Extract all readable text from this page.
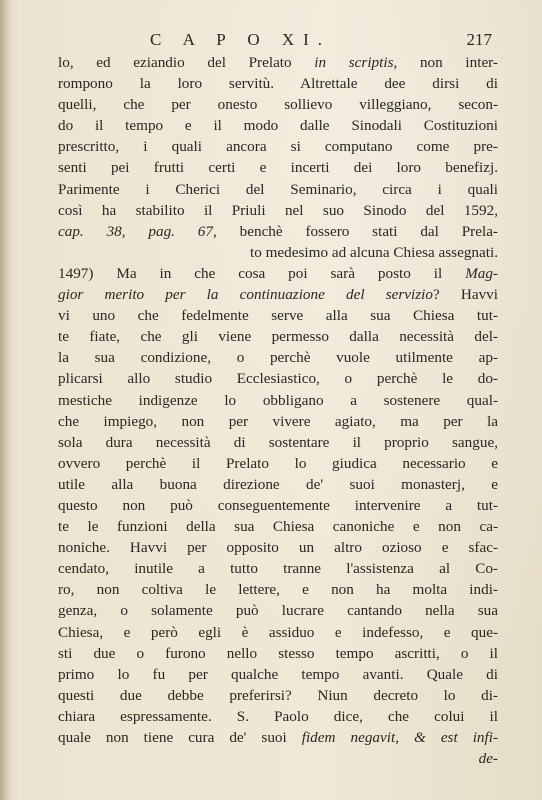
C A P O XI.	217
lo, ed eziandio del Prelato in scriptis, non inter-
rompono la loro servitù. Altrettale dee dirsi di
quelli, che per onesto sollievo villeggiano, secon-
do il tempo e il modo dalle Sinodali Costituzioni
prescritto, i quali ancora si computano come pre-
senti pei frutti certi e incerti dei loro benefizj.
Parimente i Cherici del Seminario, circa i quali
così ha stabilito il Priuli nel suo Sinodo del 1592,
cap. 38, pag. 67, benchè fossero stati dal Prela-
to medesimo ad alcuna Chiesa assegnati.
1497) Ma in che cosa poi sarà posto il Mag-
gior merito per la continuazione del servizio? Havvi
vi uno che fedelmente serve alla sua Chiesa tut-
te fiate, che gli viene permesso dalla necessità del-
la sua condizione, o perchè vuole utilmente ap-
plicarsi allo studio Ecclesiastico, o perchè le do-
mestiche indigenze lo obbligano a sostenere qual-
che impiego, non per vivere agiato, ma per la
sola dura necessità di sostentare il proprio sangue,
ovvero perchè il Prelato lo giudica necessario e
utile alla buona direzione de' suoi monasterj, e
questo non può conseguentemente intervenire a tut-
te le funzioni della sua Chiesa canoniche e non ca-
noniche. Havvi per opposito un altro ozioso e sfac-
cendato, inutile a tutto tranne l'assistenza al Co-
ro, non coltiva le lettere, e non ha molta indi-
genza, o solamente può lucrare cantando nella sua
Chiesa, e però egli è assiduo e indefesso, e que-
sti due o furono nello stesso tempo ascritti, o il
primo lo fu per qualche tempo avanti. Quale di
questi due debbe preferirsi? Niun decreto lo di-
chiara espressamente. S. Paolo dice, che colui il
quale non tiene cura de' suoi fidem negavit, & est infi-
de-
